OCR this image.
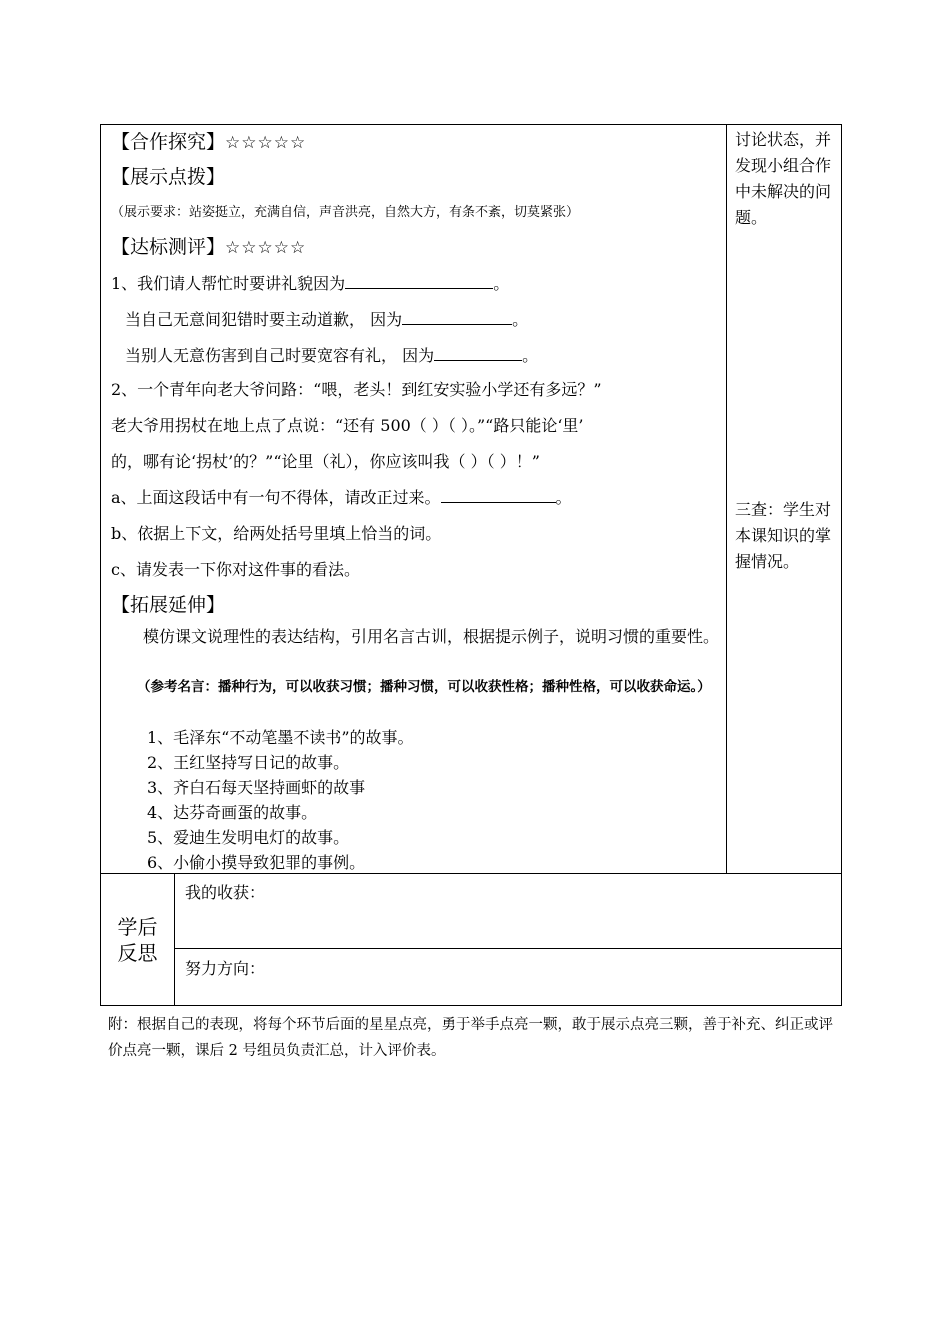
【合作探究】☆☆☆☆☆
【展示点拨】
（展示要求：站姿挺立，充满自信，声音洪亮，自然大方，有条不紊，切莫紧张）
【达标测评】☆☆☆☆☆
1、我们请人帮忙时要讲礼貌因为	。
当自己无意间犯错时要主动道歉， 因为	。
当别人无意伤害到自己时要宽容有礼， 因为	。
2、一个青年向老大爷问路：“喂，老头！到红安实验小学还有多远？”
老大爷用拐杖在地上点了点说：“还有 500（ ）（ ）。”“路只能论‘里’
的，哪有论‘拐杖’的？”“论里（礼），你应该叫我（ ）（ ）！”
a、上面这段话中有一句不得体，请改正过来。	。
b、依据上下文，给两处括号里填上恰当的词。
c、请发表一下你对这件事的看法。
【拓展延伸】
模仿课文说理性的表达结构，引用名言古训，根据提示例子，说明习惯的重要性。
（参考名言：播种行为，可以收获习惯；播种习惯，可以收获性格；播种性格，可以收获命运。）
1、毛泽东“不动笔墨不读书”的故事。
2、王红坚持写日记的故事。
3、齐白石每天坚持画虾的故事
4、达芬奇画蛋的故事。
5、爱迪生发明电灯的故事。
6、小偷小摸导致犯罪的事例。
讨论状态，并发现小组合作中未解决的问题。
三查：学生对本课知识的掌握情况。
学后
反思
我的收获：
努力方向：
附：根据自己的表现，将每个环节后面的星星点亮，勇于举手点亮一颗，敢于展示点亮三颗，善于补充、纠正或评价点亮一颗，课后 2 号组员负责汇总，计入评价表。
